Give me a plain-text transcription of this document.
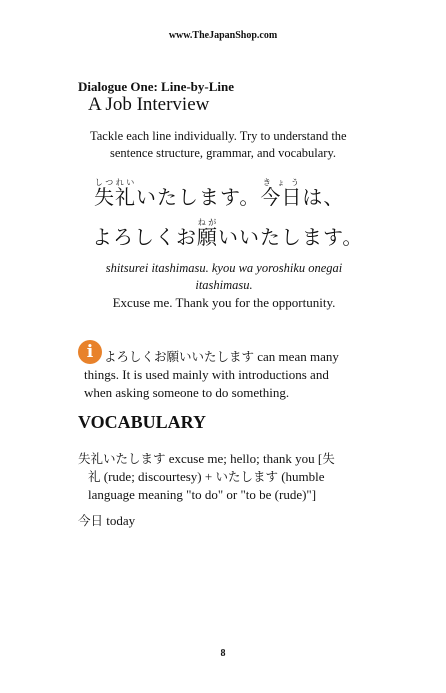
www.TheJapanShop.com
Dialogue One: Line-by-Line
A Job Interview
Tackle each line individually. Try to understand the
sentence structure, grammar, and vocabulary.
失礼しつれいいたします。今日きょうは、
よろしくお願ねがいいたします。
shitsurei itashimasu. kyou wa yoroshiku onegai
itashimasu.
Excuse me. Thank you for the opportunity.
i よろしくお願いいたします can mean many
things. It is used mainly with introductions and
when asking someone to do something.
VOCABULARY
失礼いたします excuse me; hello; thank you [失
礼 (rude; discourtesy) + いたします (humble
language meaning "to do" or "to be (rude)"]
今日 today
8
